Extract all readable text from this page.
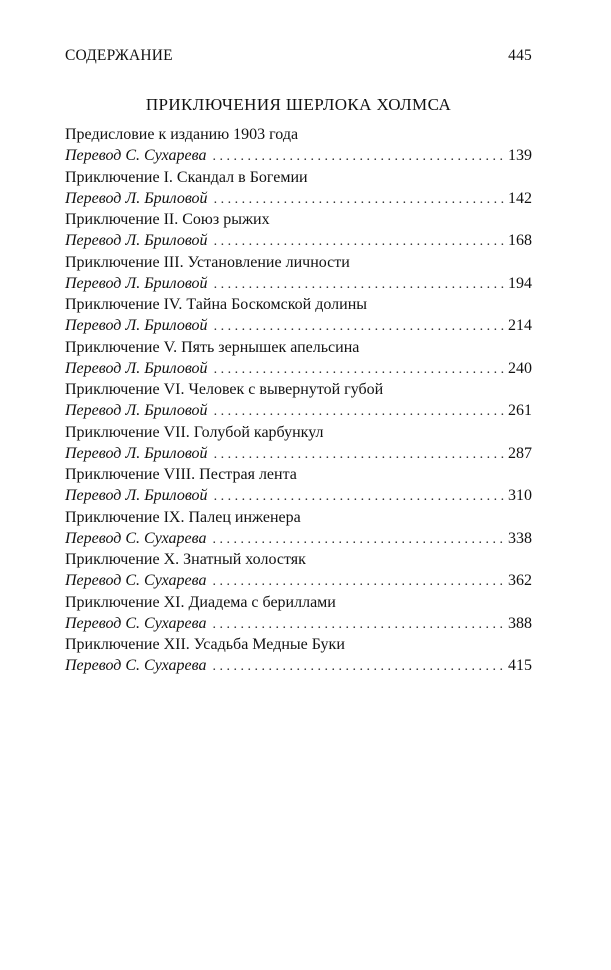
СОДЕРЖАНИЕ	445
ПРИКЛЮЧЕНИЯ ШЕРЛОКА ХОЛМСА
Предисловие к изданию 1903 года
Перевод С. Сухарева . . .	139
Приключение I. Скандал в Богемии
Перевод Л. Бриловой . . .	142
Приключение II. Союз рыжих
Перевод Л. Бриловой . . .	168
Приключение III. Установление личности
Перевод Л. Бриловой . . .	194
Приключение IV. Тайна Боскомской долины
Перевод Л. Бриловой . . .	214
Приключение V. Пять зернышек апельсина
Перевод Л. Бриловой . . .	240
Приключение VI. Человек с вывернутой губой
Перевод Л. Бриловой . . .	261
Приключение VII. Голубой карбункул
Перевод Л. Бриловой . . .	287
Приключение VIII. Пестрая лента
Перевод Л. Бриловой . . .	310
Приключение IX. Палец инженера
Перевод С. Сухарева . . .	338
Приключение X. Знатный холостяк
Перевод С. Сухарева . . .	362
Приключение XI. Диадема с бериллами
Перевод С. Сухарева . . .	388
Приключение XII. Усадьба Медные Буки
Перевод С. Сухарева . . .	415
